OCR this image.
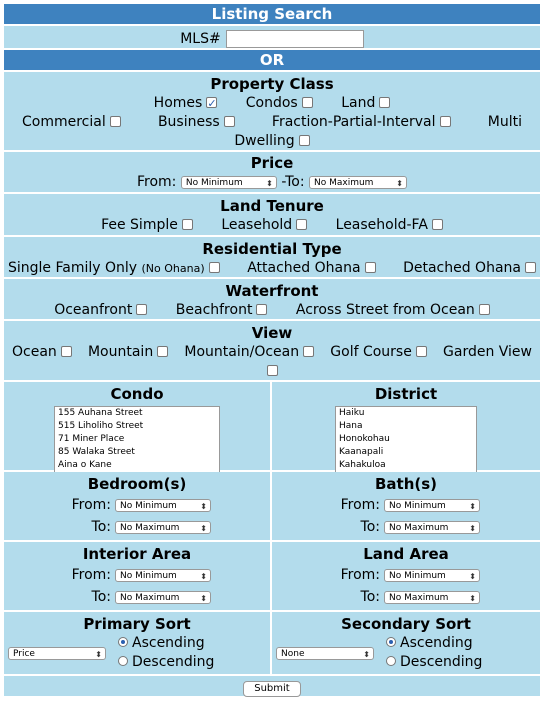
Listing Search
MLS#
OR
Property Class
Homes✓	Condos	Land
Commercial	Business	Fraction-Partial-Interval	Multi
Dwelling
Price
From: No Minimum ⬍	-To: No Maximum ⬍
Land Tenure
Fee Simple	Leasehold	Leasehold-FA
Residential Type
Single Family Only (No Ohana)	Attached Ohana	Detached Ohana
Waterfront
Oceanfront	Beachfront	Across Street from Ocean
View
Ocean	Mountain	Mountain/Ocean	Golf Course	Garden View
Condo
155 Auhana Street
515 Liholiho Street
71 Miner Place
85 Walaka Street
Aina o Kane
District
Haiku
Hana
Honokohau
Kaanapali
Kahakuloa
Bedroom(s)
From:	No Minimum ⬍
To:	No Maximum ⬍
Bath(s)
From:	No Minimum ⬍
To:	No Maximum ⬍
Interior Area
From:	No Minimum ⬍
To:	No Maximum ⬍
Land Area
From:	No Minimum ⬍
To:	No Maximum ⬍
Primary Sort
Price ⬍
Ascending
Descending
Secondary Sort
None ⬍
Ascending
Descending
Submit
